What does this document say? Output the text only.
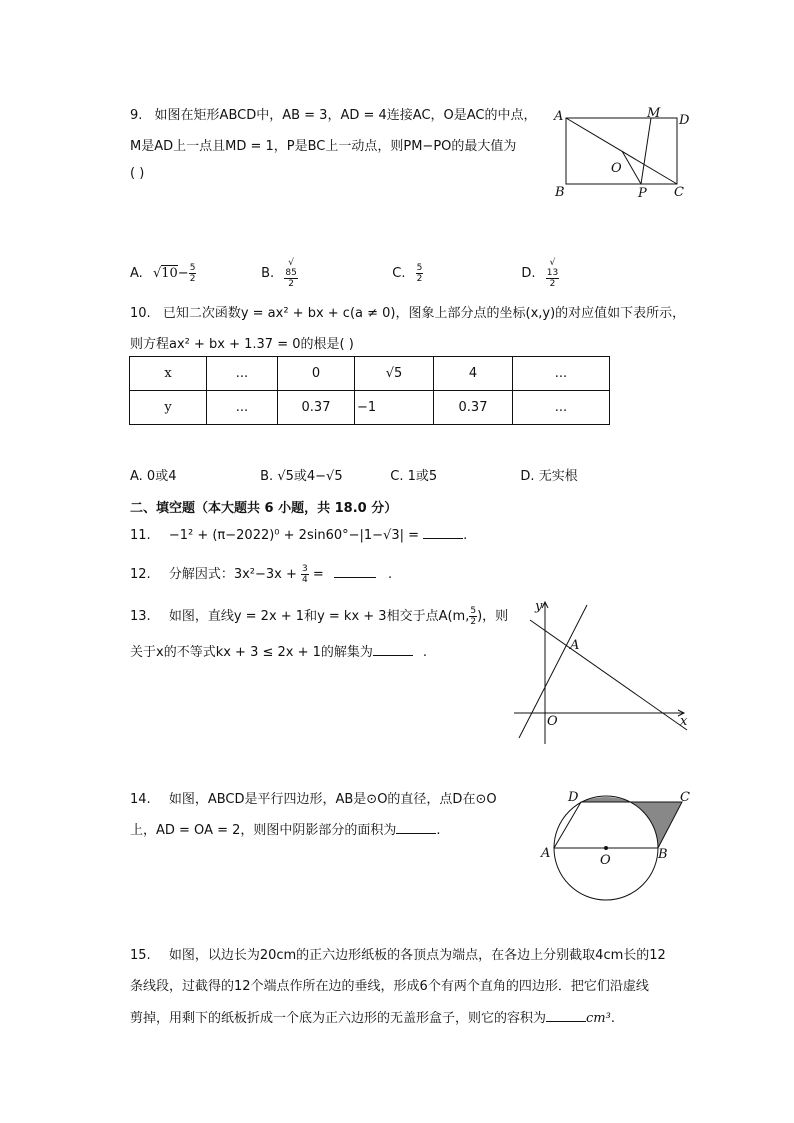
9. 如图在矩形ABCD中，AB = 3，AD = 4连接AC，O是AC的中点，
M是AD上一点且MD = 1，P是BC上一动点，则PM−PO的最大值为
( )
A	M D
O
B	P C
A. $√10- \frac{5}{2}$	B. √
85
2	C. $\frac{5}{2}$	D. √
13
2
10. 已知二次函数y = ax² + bx + c(a ≠ 0)，图象上部分点的坐标(x,y)的对应值如下表所示，
则方程ax² + bx + 1.37 = 0的根是( )
x	...	0	√5	4	...
y	...	0.37	−1	0.37	...
A. 0或4	B. √5或4−√5	C. 1或5	D. 无实根
二、填空题（本大题共 6 小题，共 18.0 分）
11. −1² + (π−2022)⁰ + 2sin60°−|1−√3| =	.
12. 分解因式：$3x^2-3x + \frac{3}{4}$ =	.
13. 如图，直线y = 2x + 1和y = kx + 3相交于点A(m, $\frac{5}{2}$ )，则
关于x的不等式kx + 3 ≤ 2x + 1的解集为	.
y
x
A
O
14. 如图，ABCD是平行四边形，AB是⊙O的直径，点D在⊙O
上，AD = OA = 2，则图中阴影部分的面积为	.
D	C
A	O	B
15. 如图，以边长为20cm的正六边形纸板的各顶点为端点，在各边上分别截取4cm长的12
条线段，过截得的12个端点作所在边的垂线，形成6个有两个直角的四边形．把它们沿虚线
剪掉，用剩下的纸板折成一个底为正六边形的无盖形盒子，则它的容积为	cm³.
